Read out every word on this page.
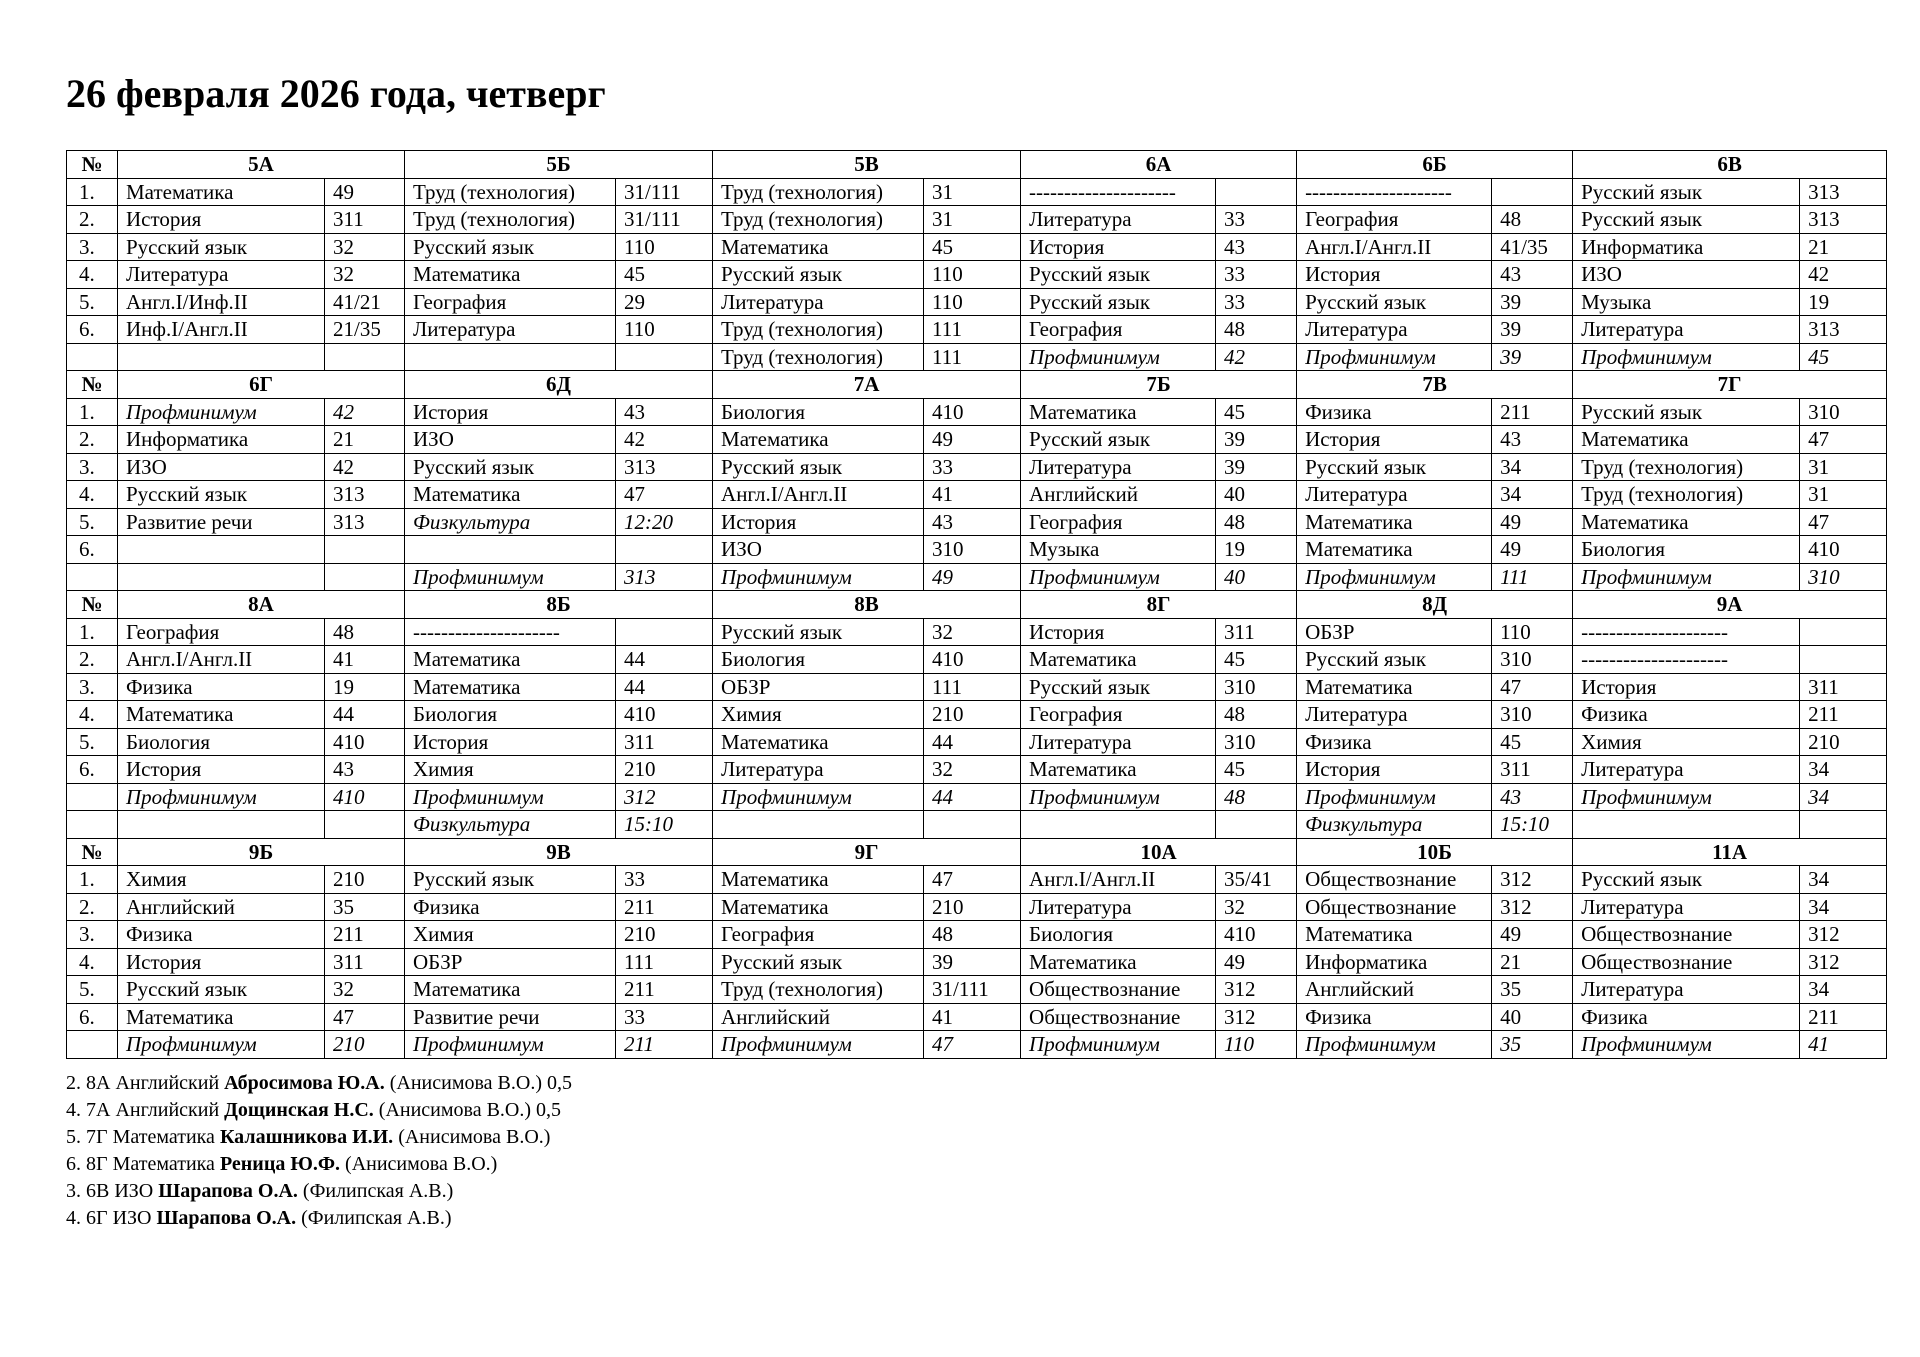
26 февраля 2026 года, четверг
№	5А		5Б		5В		6А		6Б		6В	
1.	Математика	49	Труд (технология)	31/111	Труд (технология)	31	---------------------		---------------------		Русский язык	313
2.	История	311	Труд (технология)	31/111	Труд (технология)	31	Литература	33	География	48	Русский язык	313
3.	Русский язык	32	Русский язык	110	Математика	45	История	43	Англ.I/Англ.II	41/35	Информатика	21
4.	Литература	32	Математика	45	Русский язык	110	Русский язык	33	История	43	ИЗО	42
5.	Англ.I/Инф.II	41/21	География	29	Литература	110	Русский язык	33	Русский язык	39	Музыка	19
6.	Инф.I/Англ.II	21/35	Литература	110	Труд (технология)	111	География	48	Литература	39	Литература	313
					Труд (технология)	111	Профминимум	42	Профминимум	39	Профминимум	45
№	6Г		6Д		7А		7Б		7В		7Г	
1.	Профминимум	42	История	43	Биология	410	Математика	45	Физика	211	Русский язык	310
2.	Информатика	21	ИЗО	42	Математика	49	Русский язык	39	История	43	Математика	47
3.	ИЗО	42	Русский язык	313	Русский язык	33	Литература	39	Русский язык	34	Труд (технология)	31
4.	Русский язык	313	Математика	47	Англ.I/Англ.II	41	Английский	40	Литература	34	Труд (технология)	31
5.	Развитие речи	313	Физкультура	12:20	История	43	География	48	Математика	49	Математика	47
6.					ИЗО	310	Музыка	19	Математика	49	Биология	410
			Профминимум	313	Профминимум	49	Профминимум	40	Профминимум	111	Профминимум	310
№	8А		8Б		8В		8Г		8Д		9А	
1.	География	48	---------------------		Русский язык	32	История	311	ОБЗР	110	---------------------	
2.	Англ.I/Англ.II	41	Математика	44	Биология	410	Математика	45	Русский язык	310	---------------------	
3.	Физика	19	Математика	44	ОБЗР	111	Русский язык	310	Математика	47	История	311
4.	Математика	44	Биология	410	Химия	210	География	48	Литература	310	Физика	211
5.	Биология	410	История	311	Математика	44	Литература	310	Физика	45	Химия	210
6.	История	43	Химия	210	Литература	32	Математика	45	История	311	Литература	34
	Профминимум	410	Профминимум	312	Профминимум	44	Профминимум	48	Профминимум	43	Профминимум	34
			Физкультура	15:10					Физкультура	15:10		
№	9Б		9В		9Г		10А		10Б		11А	
1.	Химия	210	Русский язык	33	Математика	47	Англ.I/Англ.II	35/41	Обществознание	312	Русский язык	34
2.	Английский	35	Физика	211	Математика	210	Литература	32	Обществознание	312	Литература	34
3.	Физика	211	Химия	210	География	48	Биология	410	Математика	49	Обществознание	312
4.	История	311	ОБЗР	111	Русский язык	39	Математика	49	Информатика	21	Обществознание	312
5.	Русский язык	32	Математика	211	Труд (технология)	31/111	Обществознание	312	Английский	35	Литература	34
6.	Математика	47	Развитие речи	33	Английский	41	Обществознание	312	Физика	40	Физика	211
	Профминимум	210	Профминимум	211	Профминимум	47	Профминимум	110	Профминимум	35	Профминимум	41
2. 8А Английский Абросимова Ю.А. (Анисимова В.О.) 0,5
4. 7А Английский Дощинская Н.С. (Анисимова В.О.) 0,5
5. 7Г Математика Калашникова И.И. (Анисимова В.О.)
6. 8Г Математика Реница Ю.Ф. (Анисимова В.О.)
3. 6В ИЗО Шарапова О.А. (Филипская А.В.)
4. 6Г ИЗО Шарапова О.А. (Филипская А.В.)
